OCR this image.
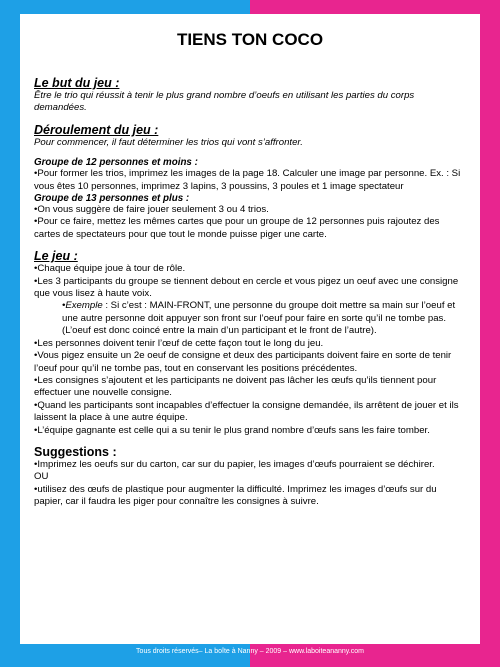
TIENS TON COCO
Le but du jeu :
Être le trio qui réussit à tenir le plus grand nombre d’oeufs en utilisant les parties du corps demandées.
Déroulement du jeu :
Pour commencer, il faut déterminer les trios qui vont s’affronter.
Groupe de 12 personnes et moins :
•Pour former les trios, imprimez les images de la page 18. Calculer une image par personne. Ex. : Si vous êtes 10 personnes, imprimez 3 lapins, 3 poussins, 3 poules et 1 image spectateur
Groupe de 13 personnes et plus :
•On vous suggère de faire jouer seulement 3 ou 4 trios.
•Pour ce faire, mettez les mêmes cartes que pour un groupe de 12 personnes puis rajoutez des cartes de spectateurs pour que tout le monde puisse piger une carte.
Le jeu :
•Chaque équipe joue à tour de rôle.
•Les 3 participants du groupe se tiennent debout en cercle et vous pigez un oeuf avec une consigne que vous lisez à haute voix.
•Exemple : Si c’est : MAIN-FRONT, une personne du groupe doit mettre sa main sur l’oeuf et une autre personne doit appuyer son front sur l’oeuf pour faire en sorte qu’il ne tombe pas. (L’oeuf est donc coincé entre la main d’un participant et le front de l’autre).
•Les personnes doivent tenir l’œuf de cette façon tout le long du jeu.
•Vous pigez ensuite un 2e oeuf de consigne et deux des participants doivent faire en sorte de tenir l’oeuf pour qu’il ne tombe pas, tout en conservant les positions précédentes.
•Les consignes s’ajoutent et les participants ne doivent pas lâcher les œufs qu’ils tiennent pour effectuer une nouvelle consigne.
•Quand les participants sont incapables d’effectuer la consigne demandée, ils arrêtent de jouer et ils laissent la place à une autre équipe.
•L’équipe gagnante est celle qui a su tenir le plus grand nombre d’œufs sans les faire tomber.
Suggestions :
•Imprimez les oeufs sur du carton, car sur du papier, les images d’œufs pourraient se déchirer.
OU
•utilisez des œufs de plastique pour augmenter la difficulté. Imprimez les images d’œufs sur du papier, car il faudra les piger pour connaître les consignes à suivre.
Tous droits réservés– La boîte à Nanny – 2009 – www.laboiteananny.com
